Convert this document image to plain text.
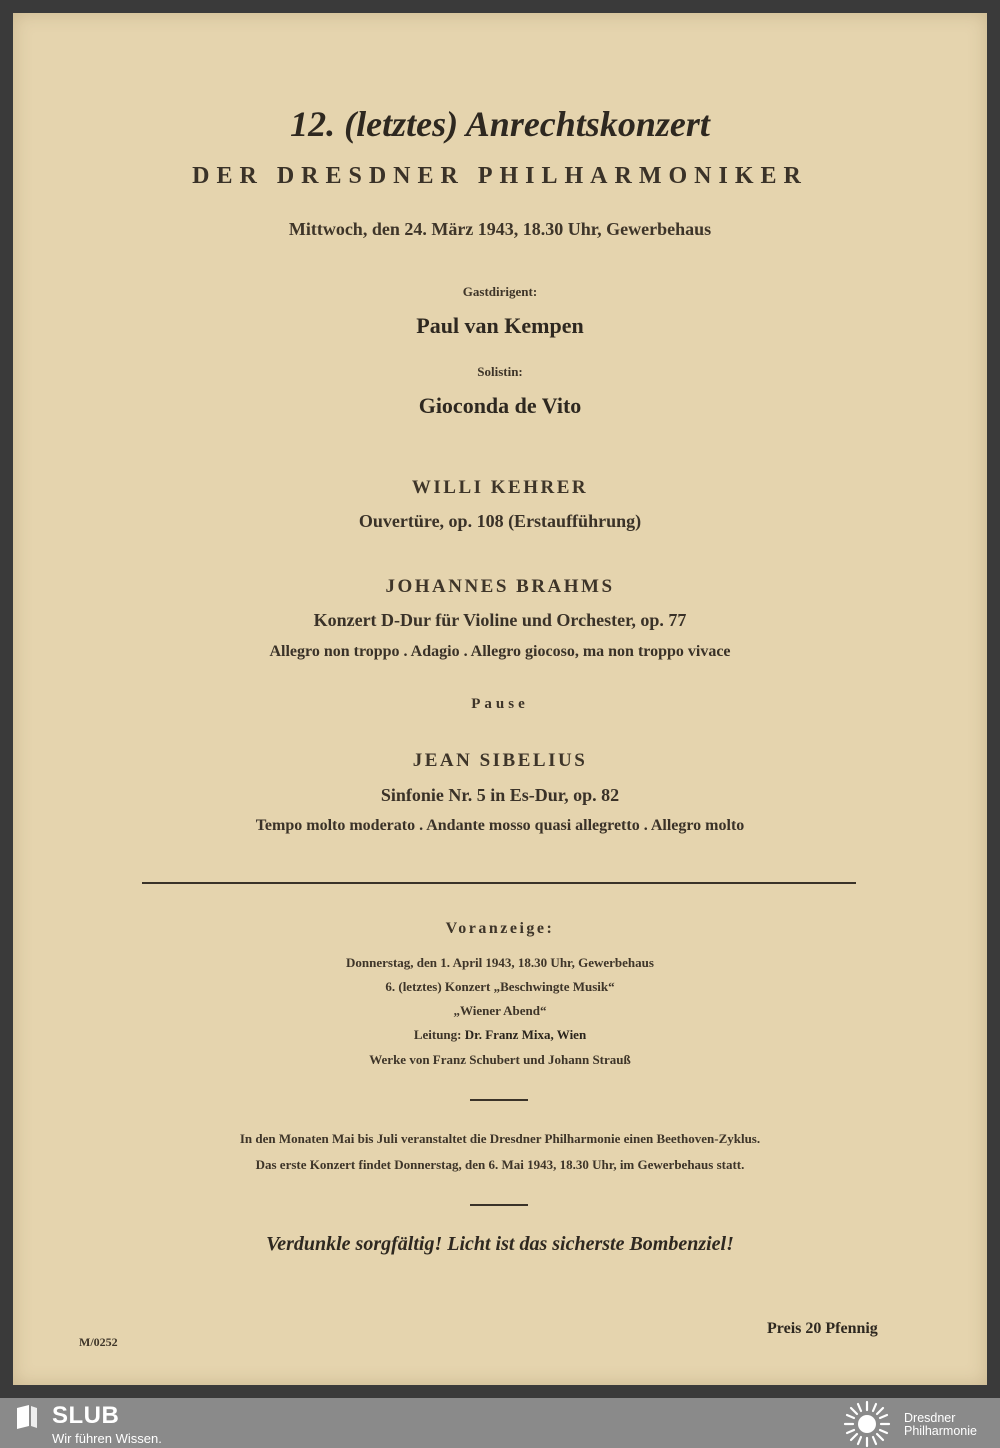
12. (letztes) Anrechtskonzert
DER DRESDNER PHILHARMONIKER
Mittwoch, den 24. März 1943, 18.30 Uhr, Gewerbehaus
Gastdirigent:
Paul van Kempen
Solistin:
Gioconda de Vito
WILLI KEHRER
Ouvertüre, op. 108 (Erstaufführung)
JOHANNES BRAHMS
Konzert D-Dur für Violine und Orchester, op. 77
Allegro non troppo . Adagio . Allegro giocoso, ma non troppo vivace
Pause
JEAN SIBELIUS
Sinfonie Nr. 5 in Es-Dur, op. 82
Tempo molto moderato . Andante mosso quasi allegretto . Allegro molto
Voranzeige:
Donnerstag, den 1. April 1943, 18.30 Uhr, Gewerbehaus
6. (letztes) Konzert „Beschwingte Musik“
„Wiener Abend“
Leitung: Dr. Franz Mixa, Wien
Werke von Franz Schubert und Johann Strauß
In den Monaten Mai bis Juli veranstaltet die Dresdner Philharmonie einen Beethoven-Zyklus.
Das erste Konzert findet Donnerstag, den 6. Mai 1943, 18.30 Uhr, im Gewerbehaus statt.
Verdunkle sorgfältig! Licht ist das sicherste Bombenziel!
M/0252
Preis 20 Pfennig
SLUB
Wir führen Wissen.
Dresdner
Philharmonie
